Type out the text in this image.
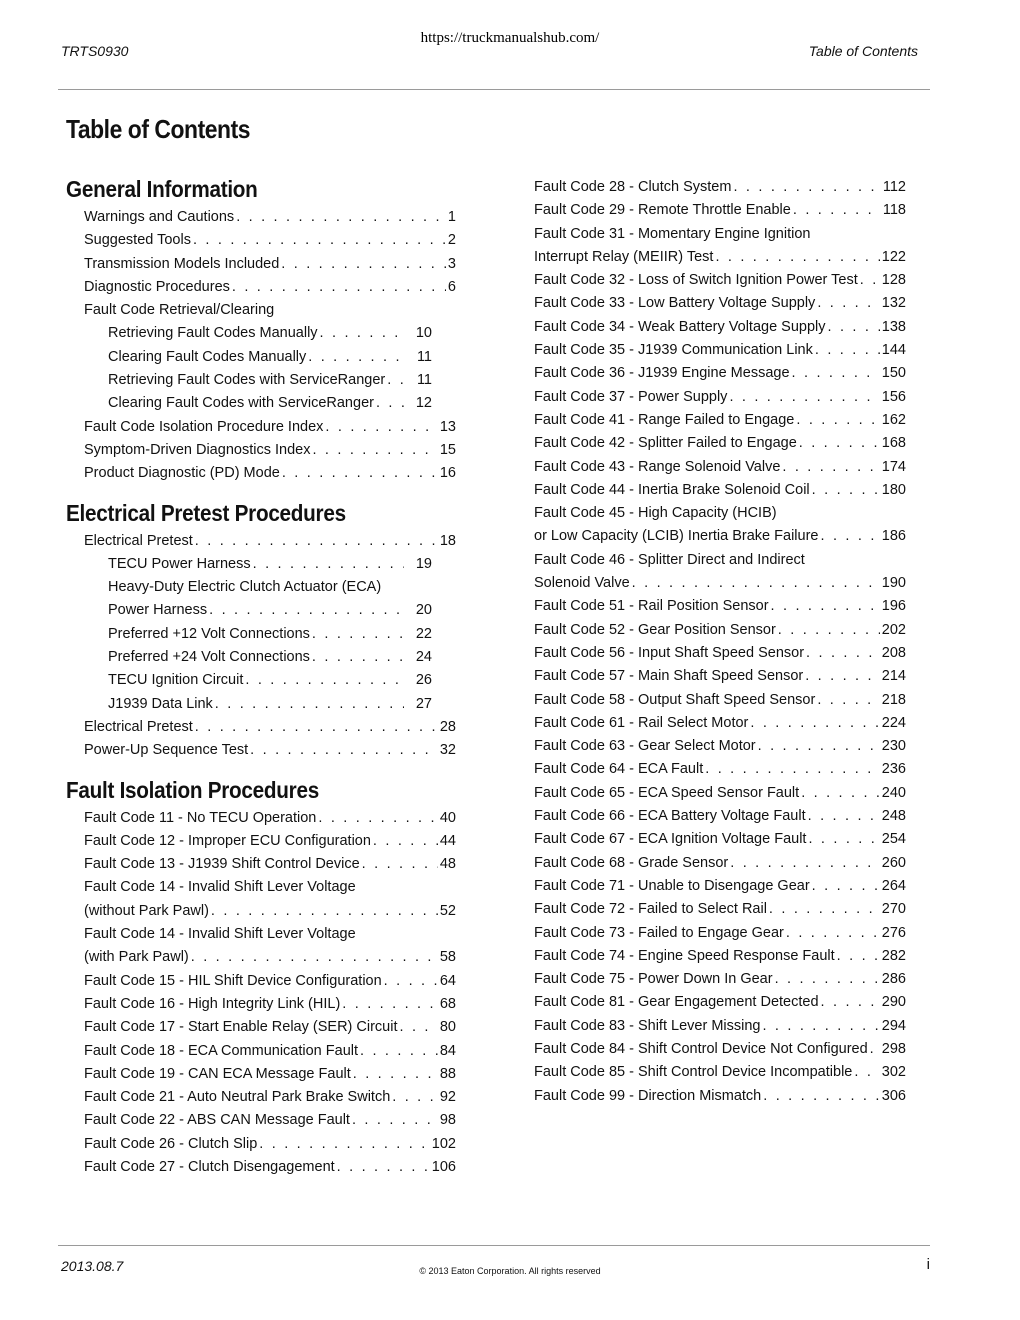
https://truckmanualshub.com/
TRTS0930	Table of Contents
Table of Contents
General Information
Warnings and Cautions . . .	1
Suggested Tools . . .	2
Transmission Models Included . . .	3
Diagnostic Procedures . . .	6
Fault Code Retrieval/Clearing
Retrieving Fault Codes Manually . . .	10
Clearing Fault Codes Manually . . .	11
Retrieving Fault Codes with ServiceRanger . . .	11
Clearing Fault Codes with ServiceRanger . . .	12
Fault Code Isolation Procedure Index . . .	13
Symptom-Driven Diagnostics Index . . .	15
Product Diagnostic (PD) Mode . . .	16
Electrical Pretest Procedures
Electrical Pretest . . .	18
TECU Power Harness . . .	19
Heavy-Duty Electric Clutch Actuator (ECA)
Power Harness . . .	20
Preferred +12 Volt Connections . . .	22
Preferred +24 Volt Connections . . .	24
TECU Ignition Circuit . . .	26
J1939 Data Link . . .	27
Electrical Pretest . . .	28
Power-Up Sequence Test . . .	32
Fault Isolation Procedures
Fault Code 11 - No TECU Operation . . .	40
Fault Code 12 - Improper ECU Configuration . . .	44
Fault Code 13 - J1939 Shift Control Device . . .	48
Fault Code 14 - Invalid Shift Lever Voltage
(without Park Pawl) . . .	52
Fault Code 14 - Invalid Shift Lever Voltage
(with Park Pawl) . . .	58
Fault Code 15 - HIL Shift Device Configuration . . .	64
Fault Code 16 - High Integrity Link (HIL) . . .	68
Fault Code 17 - Start Enable Relay (SER) Circuit . . .	80
Fault Code 18 - ECA Communication Fault . . .	84
Fault Code 19 - CAN ECA Message Fault . . .	88
Fault Code 21 - Auto Neutral Park Brake Switch . . .	92
Fault Code 22 - ABS CAN Message Fault . . .	98
Fault Code 26 - Clutch Slip . . .	102
Fault Code 27 - Clutch Disengagement . . .	106
Fault Code 28 - Clutch System . . .	112
Fault Code 29 - Remote Throttle Enable . . .	118
Fault Code 31 - Momentary Engine Ignition
Interrupt Relay (MEIIR) Test . . .	122
Fault Code 32 - Loss of Switch Ignition Power Test . . . 128
Fault Code 33 - Low Battery Voltage Supply . . .	132
Fault Code 34 - Weak Battery Voltage Supply . . .	138
Fault Code 35 - J1939 Communication Link . . .	144
Fault Code 36 - J1939 Engine Message . . .	150
Fault Code 37 - Power Supply . . .	156
Fault Code 41 - Range Failed to Engage . . .	162
Fault Code 42 - Splitter Failed to Engage . . .	168
Fault Code 43 - Range Solenoid Valve . . .	174
Fault Code 44 - Inertia Brake Solenoid Coil . . .	180
Fault Code 45 - High Capacity (HCIB)
or Low Capacity (LCIB) Inertia Brake Failure . . .	186
Fault Code 46 - Splitter Direct and Indirect
Solenoid Valve . . .	190
Fault Code 51 - Rail Position Sensor . . .	196
Fault Code 52 - Gear Position Sensor . . .	202
Fault Code 56 - Input Shaft Speed Sensor . . .	208
Fault Code 57 - Main Shaft Speed Sensor . . .	214
Fault Code 58 - Output Shaft Speed Sensor . . .	218
Fault Code 61 - Rail Select Motor . . .	224
Fault Code 63 - Gear Select Motor . . .	230
Fault Code 64 - ECA Fault . . .	236
Fault Code 65 - ECA Speed Sensor Fault . . .	240
Fault Code 66 - ECA Battery Voltage Fault . . .	248
Fault Code 67 - ECA Ignition Voltage Fault . . .	254
Fault Code 68 - Grade Sensor . . .	260
Fault Code 71 - Unable to Disengage Gear . . .	264
Fault Code 72 - Failed to Select Rail . . .	270
Fault Code 73 - Failed to Engage Gear . . .	276
Fault Code 74 - Engine Speed Response Fault . . .	282
Fault Code 75 - Power Down In Gear . . .	286
Fault Code 81 - Gear Engagement Detected . . .	290
Fault Code 83 - Shift Lever Missing . . .	294
Fault Code 84 - Shift Control Device Not Configured . . . 298
Fault Code 85 - Shift Control Device Incompatible . . . 302
Fault Code 99 - Direction Mismatch . . .	306
2013.08.7	© 2013 Eaton Corporation. All rights reserved	i
